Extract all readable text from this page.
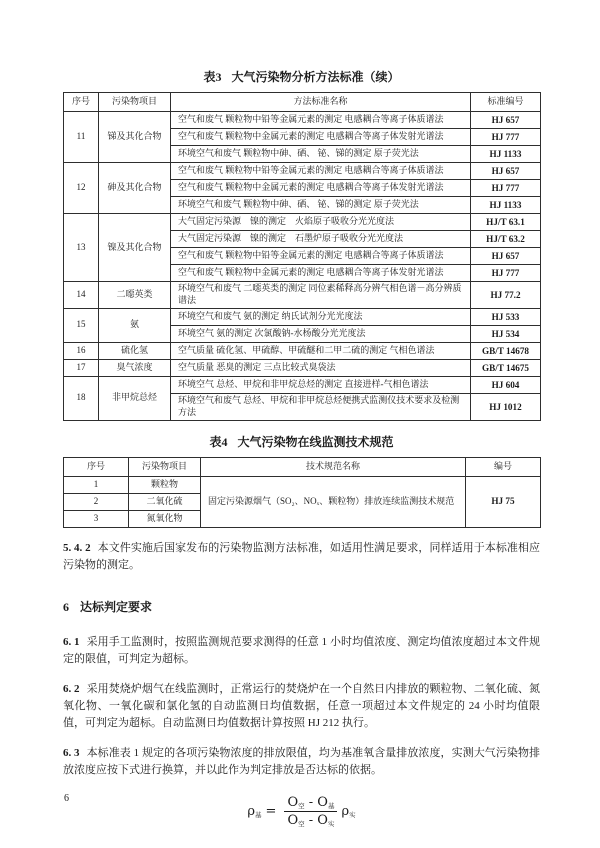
表3 大气污染物分析方法标准（续）
序号	污染物项目	方法标准名称	标准编号
11	锑及其化合物	空气和废气 颗粒物中铅等金属元素的测定 电感耦合等离子体质谱法	HJ 657
		空气和废气 颗粒物中金属元素的测定 电感耦合等离子体发射光谱法	HJ 777
		环境空气和废气 颗粒物中砷、硒、 铋、锑的测定 原子荧光法	HJ 1133
12	砷及其化合物	空气和废气 颗粒物中铅等金属元素的测定 电感耦合等离子体质谱法	HJ 657
		空气和废气 颗粒物中金属元素的测定 电感耦合等离子体发射光谱法	HJ 777
		环境空气和废气 颗粒物中砷、硒、 铋、锑的测定 原子荧光法	HJ 1133
13	镍及其化合物	大气固定污染源　镍的测定　火焰原子吸收分光光度法	HJ/T 63.1
		大气固定污染源　镍的测定　石墨炉原子吸收分光光度法	HJ/T 63.2
		空气和废气 颗粒物中铅等金属元素的测定 电感耦合等离子体质谱法	HJ 657
		空气和废气 颗粒物中金属元素的测定 电感耦合等离子体发射光谱法	HJ 777
14	二噁英类	环境空气和废气 二噁英类的测定 同位素稀释高分辨气相色谱－高分辨质谱法	HJ 77.2
15	氨	环境空气和废气 氨的测定 纳氏试剂分光光度法	HJ 533
		环境空气 氨的测定 次氯酸钠-水杨酸分光光度法	HJ 534
16	硫化氢	空气质量 硫化氢、甲硫醇、甲硫醚和二甲二硫的测定 气相色谱法	GB/T 14678
17	臭气浓度	空气质量 恶臭的测定 三点比较式臭袋法	GB/T 14675
18	非甲烷总烃	环境空气 总烃、甲烷和非甲烷总烃的测定 直接进样-气相色谱法	HJ 604
		环境空气和废气 总烃、甲烷和非甲烷总烃便携式监测仪技术要求及检测方法	HJ 1012
表4 大气污染物在线监测技术规范
序号	污染物项目	技术规范名称	编号
1	颗粒物	固定污染源烟气（SO₂、NOₓ、颗粒物）排放连续监测技术规范	HJ 75
2	二氧化硫		
3	氮氧化物		

5. 4. 2 本文件实施后国家发布的污染物监测方法标准，如适用性满足要求，同样适用于本标准相应污染物的测定。

6 达标判定要求

6. 1 采用手工监测时，按照监测规范要求测得的任意 1 小时均值浓度、测定均值浓度超过本文件规定的限值，可判定为超标。

6. 2 采用焚烧炉烟气在线监测时，正常运行的焚烧炉在一个自然日内排放的颗粒物、二氧化硫、氮氧化物、一氧化碳和氯化氢的自动监测日均值数据，任意一项超过本文件规定的 24 小时均值限值，可判定为超标。自动监测日均值数据计算按照 HJ 212 执行。

6. 3 本标准表 1 规定的各项污染物浓度的排放限值，均为基准氧含量排放浓度，实测大气污染物排放浓度应按下式进行换算，并以此作为判定排放是否达标的依据。

$\rho_基 = \frac{O_空 - O_基}{O_空 - O_实} \rho_实$
6
